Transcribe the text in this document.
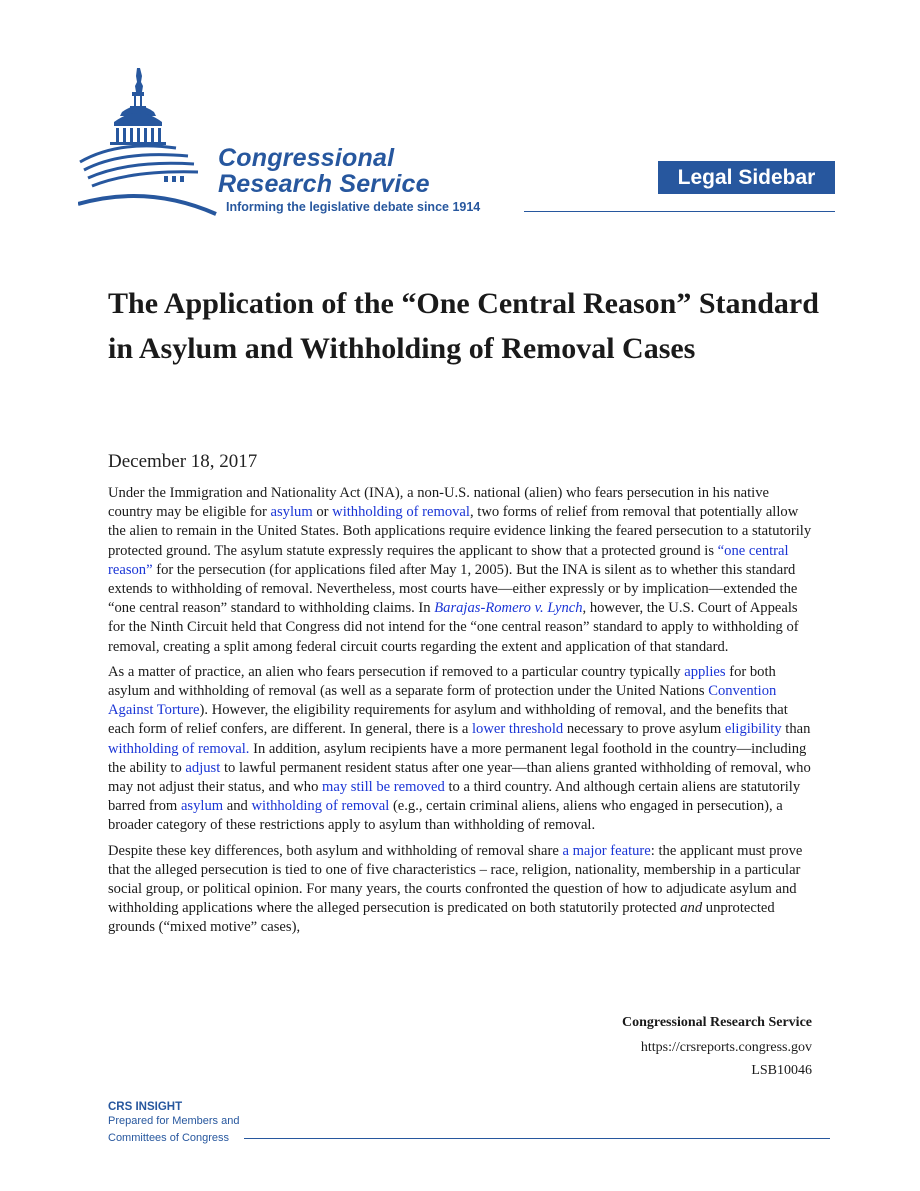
Congressional
Research Service
Informing the legislative debate since 1914
Legal Sidebar
The Application of the “One Central Reason” Standard in Asylum and Withholding of Removal Cases
December 18, 2017

Under the Immigration and Nationality Act (INA), a non-U.S. national (alien) who fears persecution in his native country may be eligible for asylum or withholding of removal, two forms of relief from removal that potentially allow the alien to remain in the United States. Both applications require evidence linking the feared persecution to a statutorily protected ground. The asylum statute expressly requires the applicant to show that a protected ground is “one central reason” for the persecution (for applications filed after May 1, 2005). But the INA is silent as to whether this standard extends to withholding of removal. Nevertheless, most courts have—either expressly or by implication—extended the “one central reason” standard to withholding claims. In Barajas-Romero v. Lynch, however, the U.S. Court of Appeals for the Ninth Circuit held that Congress did not intend for the “one central reason” standard to apply to withholding of removal, creating a split among federal circuit courts regarding the extent and application of that standard.

As a matter of practice, an alien who fears persecution if removed to a particular country typically applies for both asylum and withholding of removal (as well as a separate form of protection under the United Nations Convention Against Torture). However, the eligibility requirements for asylum and withholding of removal, and the benefits that each form of relief confers, are different. In general, there is a lower threshold necessary to prove asylum eligibility than withholding of removal. In addition, asylum recipients have a more permanent legal foothold in the country—including the ability to adjust to lawful permanent resident status after one year—than aliens granted withholding of removal, who may not adjust their status, and who may still be removed to a third country. And although certain aliens are statutorily barred from asylum and withholding of removal (e.g., certain criminal aliens, aliens who engaged in persecution), a broader category of these restrictions apply to asylum than withholding of removal.

Despite these key differences, both asylum and withholding of removal share a major feature: the applicant must prove that the alleged persecution is tied to one of five characteristics – race, religion, nationality, membership in a particular social group, or political opinion. For many years, the courts confronted the question of how to adjudicate asylum and withholding applications where the alleged persecution is predicated on both statutorily protected and unprotected grounds (“mixed motive” cases),

Congressional Research Service
https://crsreports.congress.gov
LSB10046
CRS INSIGHT
Prepared for Members and
Committees of Congress
